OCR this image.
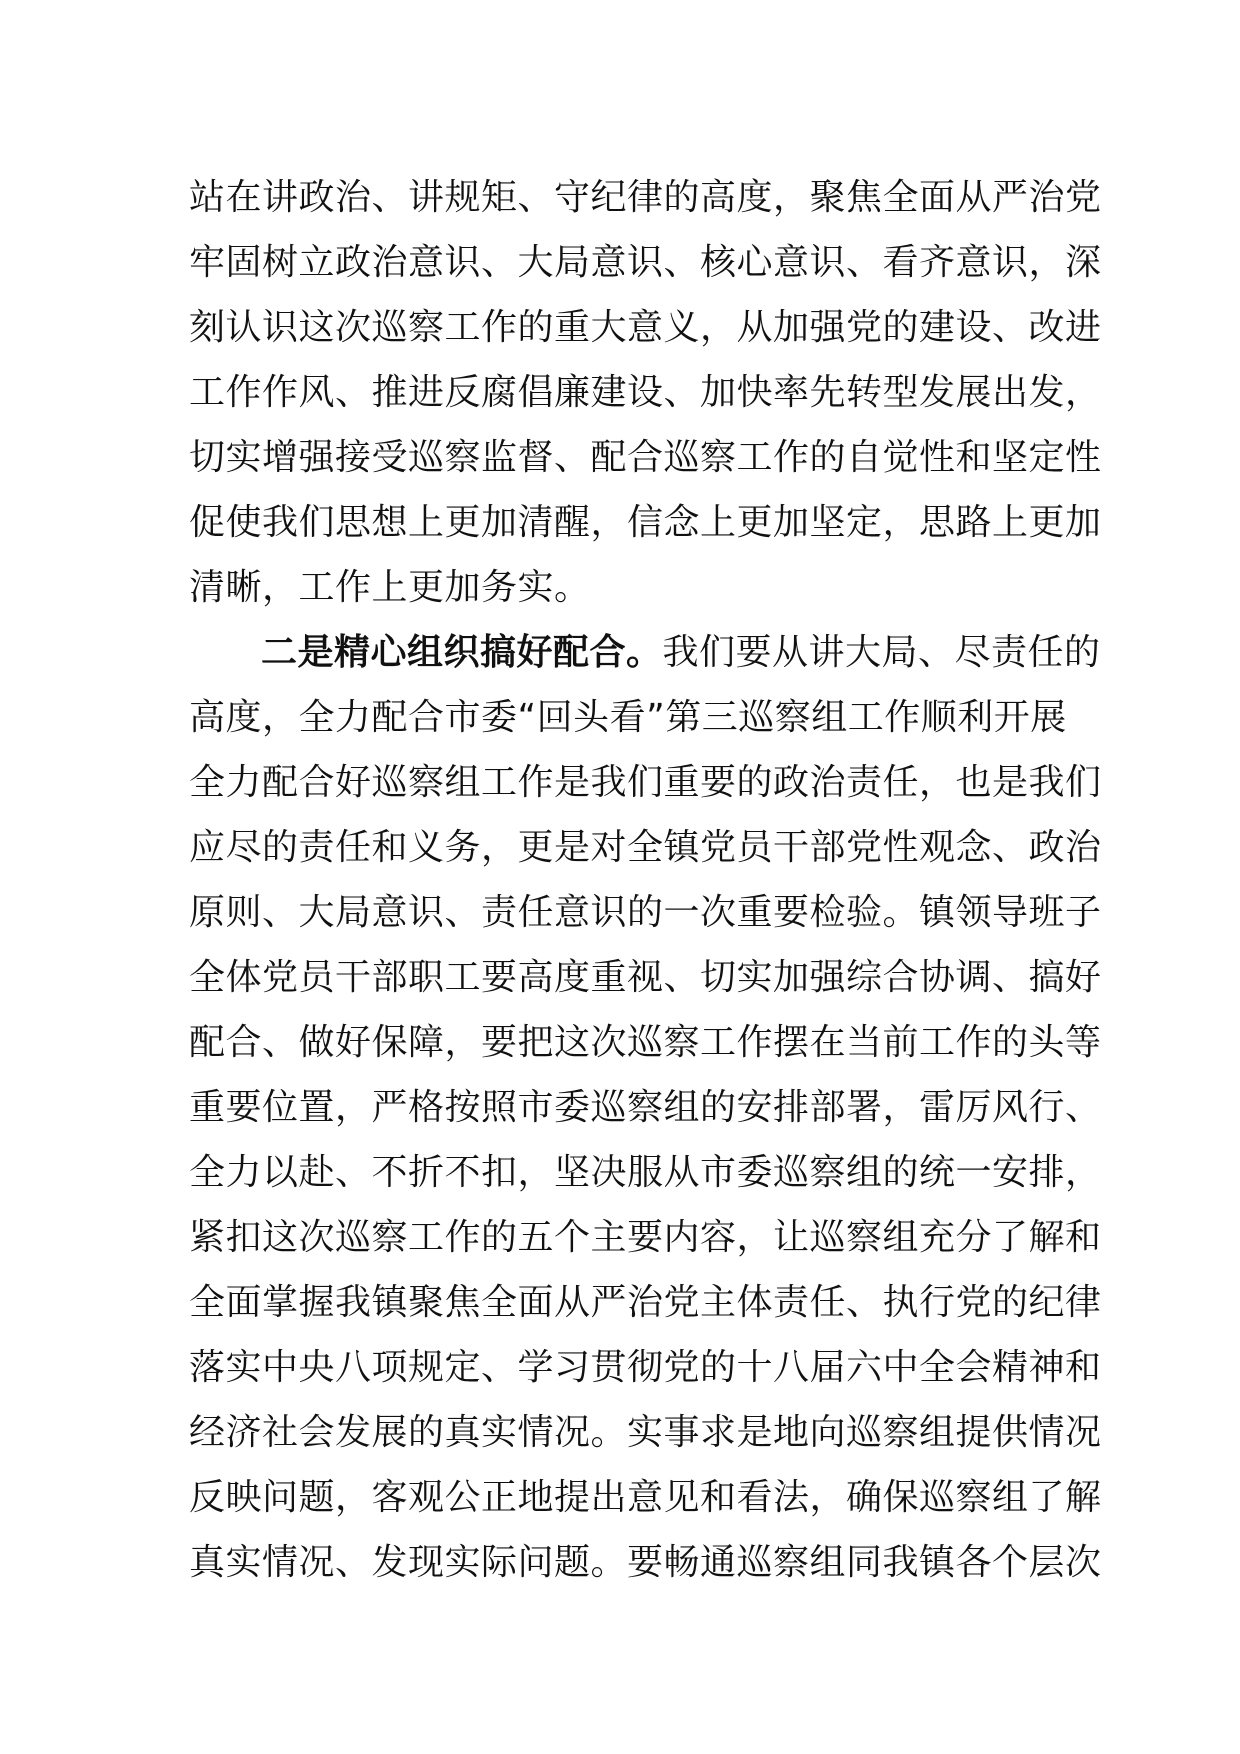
站在讲政治、讲规矩、守纪律的高度，聚焦全面从严治党
牢固树立政治意识、大局意识、核心意识、看齐意识，深
刻认识这次巡察工作的重大意义，从加强党的建设、改进
工作作风、推进反腐倡廉建设、加快率先转型发展出发，
切实增强接受巡察监督、配合巡察工作的自觉性和坚定性
促使我们思想上更加清醒，信念上更加坚定，思路上更加
清晰，工作上更加务实。
二是精心组织搞好配合。我们要从讲大局、尽责任的
高度，全力配合市委“回头看”第三巡察组工作顺利开展
全力配合好巡察组工作是我们重要的政治责任，也是我们
应尽的责任和义务，更是对全镇党员干部党性观念、政治
原则、大局意识、责任意识的一次重要检验。镇领导班子
全体党员干部职工要高度重视、切实加强综合协调、搞好
配合、做好保障，要把这次巡察工作摆在当前工作的头等
重要位置，严格按照市委巡察组的安排部署，雷厉风行、
全力以赴、不折不扣，坚决服从市委巡察组的统一安排，
紧扣这次巡察工作的五个主要内容，让巡察组充分了解和
全面掌握我镇聚焦全面从严治党主体责任、执行党的纪律
落实中央八项规定、学习贯彻党的十八届六中全会精神和
经济社会发展的真实情况。实事求是地向巡察组提供情况
反映问题，客观公正地提出意见和看法，确保巡察组了解
真实情况、发现实际问题。要畅通巡察组同我镇各个层次
